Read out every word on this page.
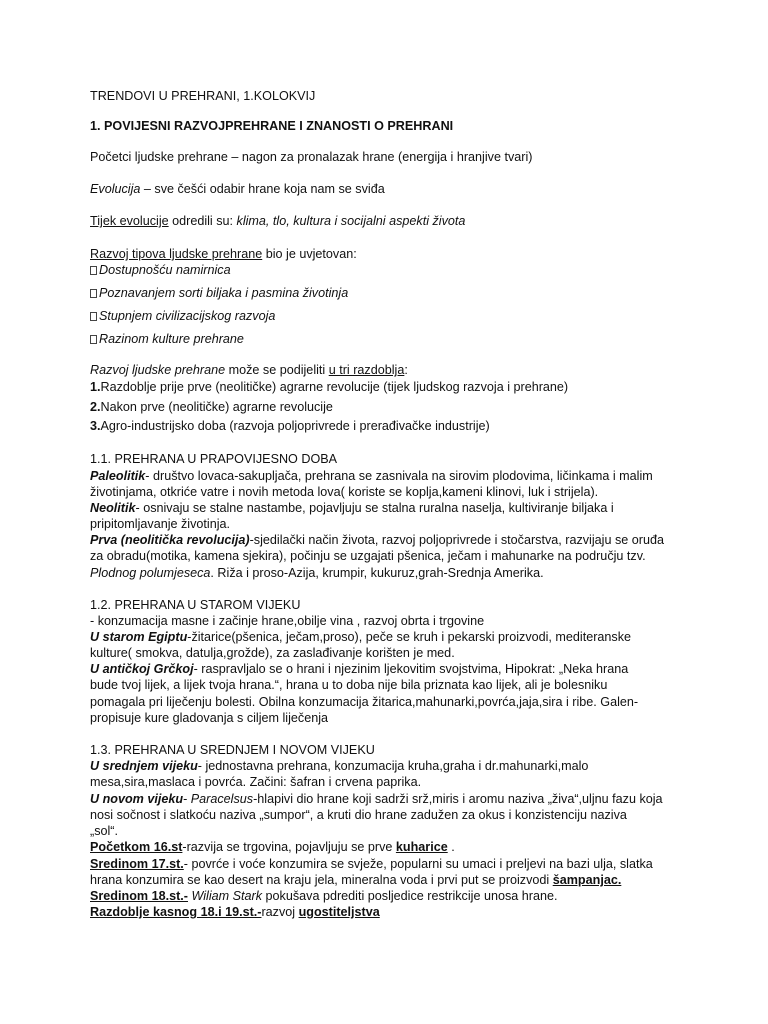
TRENDOVI U PREHRANI, 1.KOLOKVIJ
1. POVIJESNI RAZVOJPREHRANE I ZNANOSTI O PREHRANI
Početci ljudske prehrane – nagon za pronalazak hrane (energija i hranjive tvari)
Evolucija – sve češći odabir hrane koja nam se sviđa
Tijek evolucije odredili su: klima, tlo, kultura i socijalni aspekti života
Razvoj tipova ljudske prehrane bio je uvjetovan:
Dostupnošću namirnica
Poznavanjem sorti biljaka i pasmina životinja
Stupnjem civilizacijskog razvoja
Razinom kulture prehrane
Razvoj ljudske prehrane može se podijeliti u tri razdoblja:
1.Razdoblje prije prve (neolitičke) agrarne revolucije (tijek ljudskog razvoja i prehrane)
2.Nakon prve (neolitičke) agrarne revolucije
3.Agro-industrijsko doba (razvoja poljoprivrede i prerađivačke industrije)
1.1. PREHRANA U PRAPOVIJESNO DOBA
Paleolitik- društvo lovaca-sakupljača, prehrana se zasnivala na sirovim plodovima, ličinkama i malim
životinjama, otkriće vatre i novih metoda lova( koriste se koplja,kameni klinovi, luk i strijela).
Neolitik- osnivaju se stalne nastambe, pojavljuju se stalna ruralna naselja, kultiviranje biljaka i
pripitomljavanje životinja.
Prva (neolitička revolucija)-sjedilački način života, razvoj poljoprivrede i stočarstva, razvijaju se oruđa
za obradu(motika, kamena sjekira), počinju se uzgajati pšenica, ječam i mahunarke na području tzv.
Plodnog polumjeseca. Riža i proso-Azija, krumpir, kukuruz,grah-Srednja Amerika.
1.2. PREHRANA U STAROM VIJEKU
- konzumacija masne i začinje hrane,obilje vina , razvoj obrta i trgovine
U starom Egiptu-žitarice(pšenica, ječam,proso), peče se kruh i pekarski proizvodi, mediteranske
kulture( smokva, datulja,grožde), za zaslađivanje korišten je med.
U antičkoj Grčkoj- raspravljalo se o hrani i njezinim ljekovitim svojstvima, Hipokrat: „Neka hrana
bude tvoj lijek, a lijek tvoja hrana.“, hrana u to doba nije bila priznata kao lijek, ali je bolesniku
pomagala pri liječenju bolesti. Obilna konzumacija žitarica,mahunarki,povrća,jaja,sira i ribe. Galen-
propisuje kure gladovanja s ciljem liječenja
1.3. PREHRANA U SREDNJEM I NOVOM VIJEKU
U srednjem vijeku- jednostavna prehrana, konzumacija kruha,graha i dr.mahunarki,malo
mesa,sira,maslaca i povrća. Začini: šafran i crvena paprika.
U novom vijeku- Paracelsus-hlapivi dio hrane koji sadrži srž,miris i aromu naziva „živa“,uljnu fazu koja
nosi sočnost i slatkoću naziva „sumpor“, a kruti dio hrane zadužen za okus i konzistenciju naziva
„sol“.
Početkom 16.st-razvija se trgovina, pojavljuju se prve kuharice .
Sredinom 17.st.- povrće i voće konzumira se svježe, popularni su umaci i preljevi na bazi ulja, slatka
hrana konzumira se kao desert na kraju jela, mineralna voda i prvi put se proizvodi šampanjac.
Sredinom 18.st.- Wiliam Stark pokušava pdrediti posljedice restrikcije unosa hrane.
Razdoblje kasnog 18.i 19.st.-razvoj ugostiteljstva
